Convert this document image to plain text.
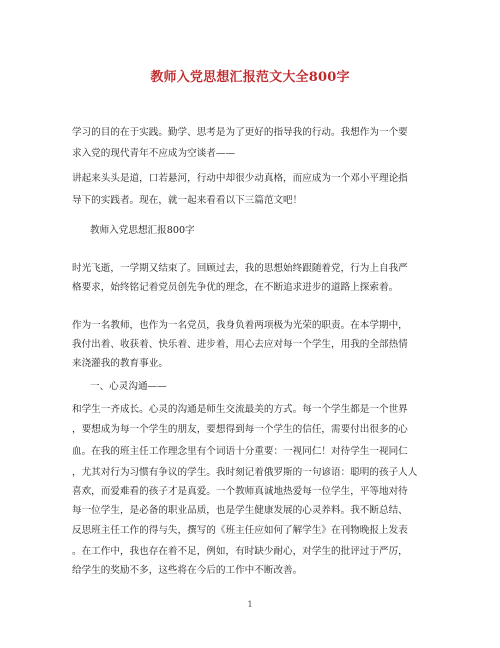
教师入党思想汇报范文大全800字
学习的目的在于实践。勤学、思考是为了更好的指导我的行动。我想作为一个要
求入党的现代青年不应成为空谈者——
讲起来头头是道，口若悬河，行动中却很少动真格，而应成为一个邓小平理论指
导下的实践者。现在，就一起来看看以下三篇范文吧！
教师入党思想汇报800字
时光飞逝，一学期又结束了。回顾过去，我的思想始终跟随着党，行为上自我严
格要求，始终铭记着党员创先争优的理念，在不断追求进步的道路上探索着。
作为一名教师，也作为一名党员，我身负着两项极为光荣的职责。在本学期中，
我付出着、收获着、快乐着、进步着，用心去应对每一个学生，用我的全部热情
来浇灌我的教育事业。
一、心灵沟通——
和学生一齐成长。心灵的沟通是师生交流最美的方式。每一个学生都是一个世界
，要想成为每一个学生的朋友，要想得到每一个学生的信任，需要付出很多的心
血。在我的班主任工作理念里有个词语十分重要：一视同仁！对待学生一视同仁
，尤其对行为习惯有争议的学生。我时刻记着俄罗斯的一句谚语：聪明的孩子人人
喜欢，而爱难看的孩子才是真爱。一个教师真诚地热爱每一位学生，平等地对待
每一位学生，是必备的职业品质，也是学生健康发展的心灵养料。我不断总结、
反思班主任工作的得与失，撰写的《班主任应如何了解学生》在刊物晚报上发表
。在工作中，我也存在着不足，例如，有时缺少耐心，对学生的批评过于严厉，
给学生的奖励不多，这些将在今后的工作中不断改善。
1
